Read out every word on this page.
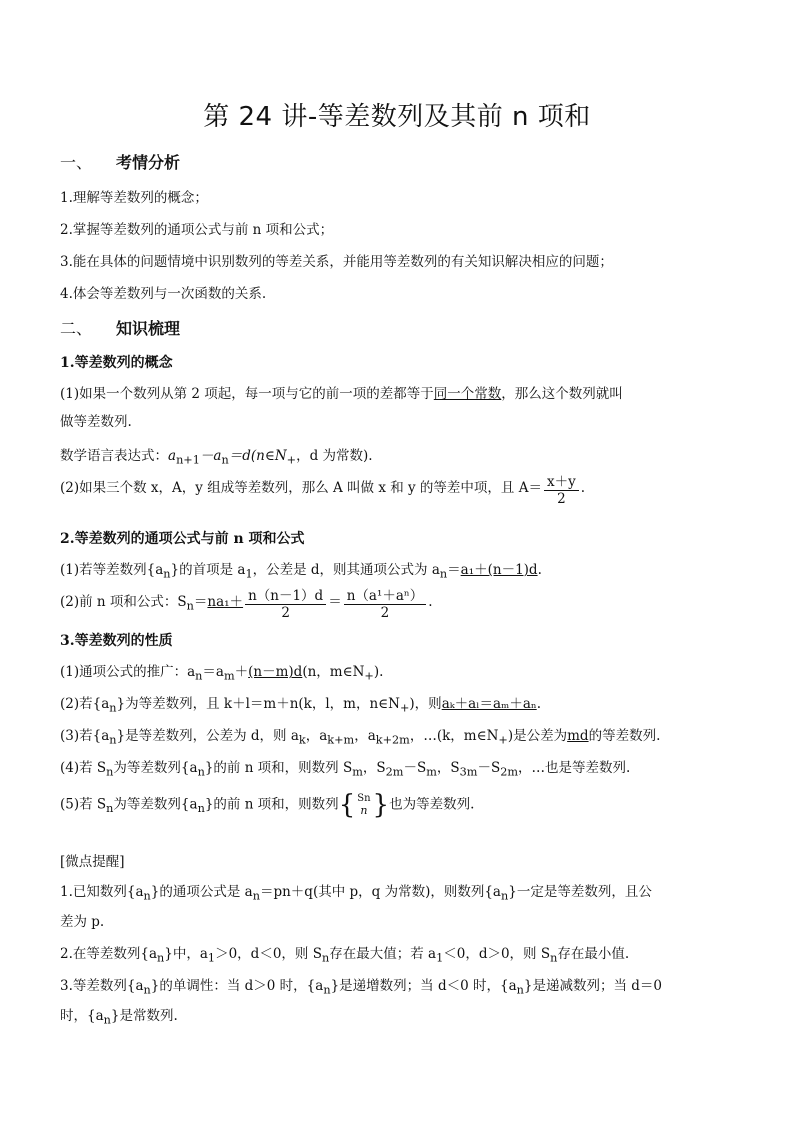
第 24 讲-等差数列及其前 n 项和
一、 考情分析
1.理解等差数列的概念；
2.掌握等差数列的通项公式与前 n 项和公式；
3.能在具体的问题情境中识别数列的等差关系，并能用等差数列的有关知识解决相应的问题；
4.体会等差数列与一次函数的关系.
二、 知识梳理
1.等差数列的概念
(1)如果一个数列从第 2 项起，每一项与它的前一项的差都等于同一个常数，那么这个数列就叫
做等差数列.
数学语言表达式：$a_{n+1}-a_n=d(n\in N_+$，d 为常数).
(2)如果三个数 x，A，y 组成等差数列，那么 A 叫做 x 和 y 的等差中项，且 $A= \frac{x+y}{2}$ .
2.等差数列的通项公式与前 n 项和公式
(1)若等差数列$\{a_n\}$的首项是 $a_1$，公差是 d，则其通项公式为 $a_n=a_1+(n-1)d$.
(2)前 n 项和公式：$S_n=na_1+ \frac{n(n-1)d}{2} = \frac{\text{n（a¹＋aⁿ）}}{2}$ .
3.等差数列的性质
(1)通项公式的推广：$a_n=a_m+(n-m)d(n$，$m\in N_+$).
(2)若$\{a_n\}$为等差数列，且 k＋l＝m＋n(k，l，m，$n\in N_+$)，则aₖ＋aₗ＝aₘ＋aₙ.
(3)若$\{a_n\}$是等差数列，公差为 d，则 $a_k$，$a_{k+m}$，$a_{k+2m}$，…(k，$m\in N_+$)是公差为md的等差数列.
(4)若 $S_n$为等差数列$\{a_n\}$的前 n 项和，则数列 $S_m$，$S_{2m}-S_m$，$S_{3m}-S_{2m}$，…也是等差数列.
(5)若 $S_n$为等差数列$\{a_n\}$的前 n 项和，则数列{ Sn
n }也为等差数列.
[微点提醒]
1.已知数列$\{a_n\}$的通项公式是 $a_n=pn+q$(其中 p，q 为常数)，则数列$\{a_n\}$一定是等差数列，且公
差为 p.
2.在等差数列$\{a_n\}$中，$a_1>0$，d＜0，则 $S_n$存在最大值；若 $a_1<0$，d＞0，则 $S_n$存在最小值.
3.等差数列$\{a_n\}$的单调性：当 d＞0 时，$\{a_n\}$是递增数列；当 d＜0 时，$\{a_n\}$是递减数列；当 d＝0
时，$\{a_n\}$是常数列.
